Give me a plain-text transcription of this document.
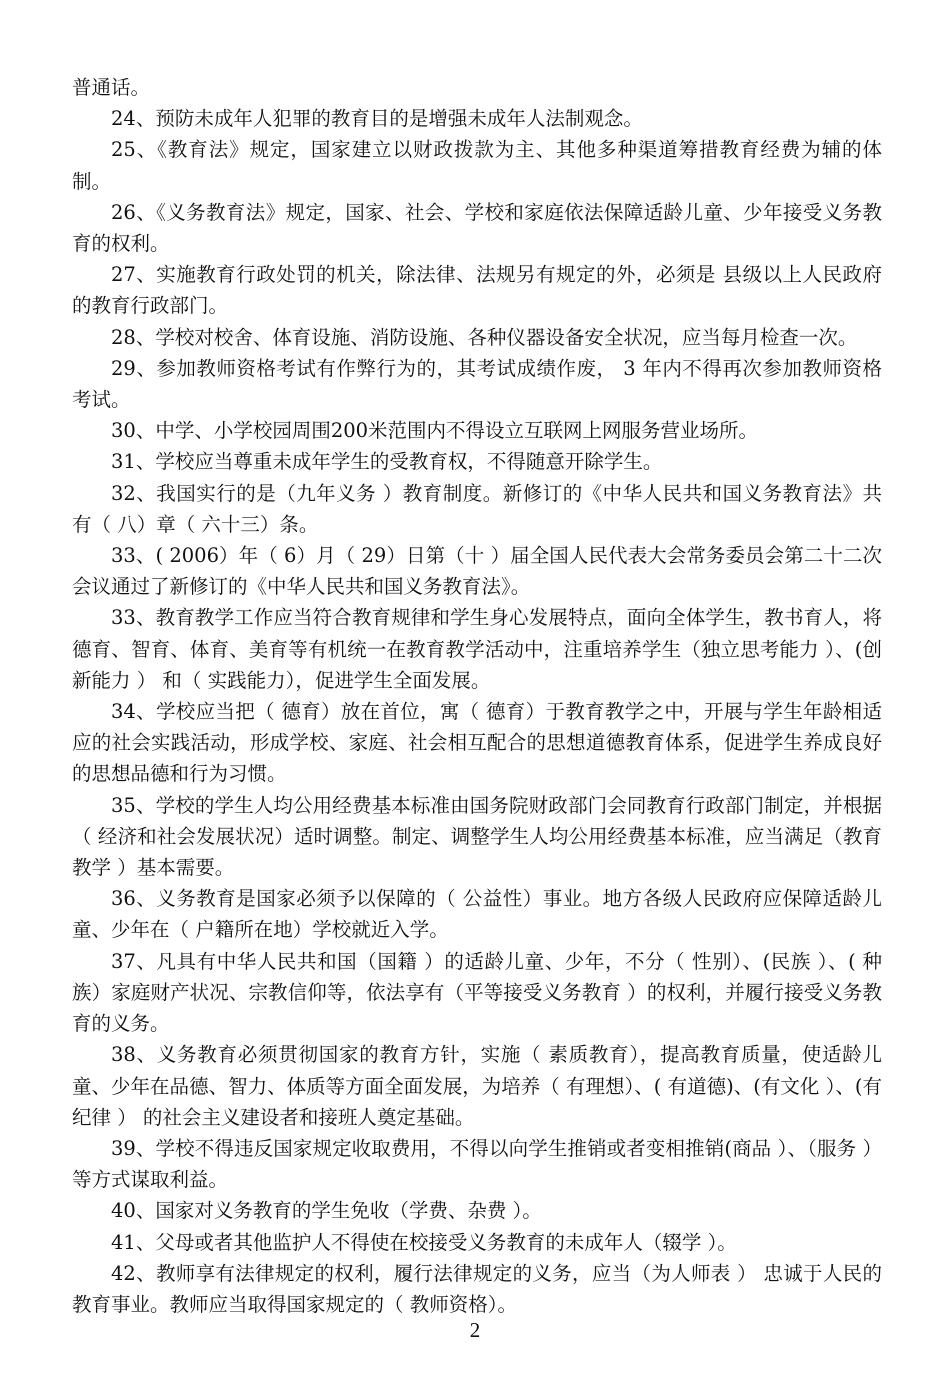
普通话。

24、预防未成年人犯罪的教育目的是增强未成年人法制观念。

25、《教育法》规定，国家建立以财政拨款为主、其他多种渠道筹措教育经费为辅的体制。

26、《义务教育法》规定，国家、社会、学校和家庭依法保障适龄儿童、少年接受义务教育的权利。

27、实施教育行政处罚的机关，除法律、法规另有规定的外，必须是 县级以上人民政府的教育行政部门。

28、学校对校舍、体育设施、消防设施、各种仪器设备安全状况，应当每月检查一次。

29、参加教师资格考试有作弊行为的，其考试成绩作废， 3 年内不得再次参加教师资格考试。

30、中学、小学校园周围200米范围内不得设立互联网上网服务营业场所。

31、学校应当尊重未成年学生的受教育权，不得随意开除学生。

32、我国实行的是（九年义务 ）教育制度。新修订的《中华人民共和国义务教育法》共有（ 八）章（ 六十三）条。

33、( 2006）年（ 6）月（ 29）日第（十 ）届全国人民代表大会常务委员会第二十二次会议通过了新修订的《中华人民共和国义务教育法》。

33、教育教学工作应当符合教育规律和学生身心发展特点，面向全体学生，教书育人，将德育、智育、体育、美育等有机统一在教育教学活动中，注重培养学生（独立思考能力 ）、(创新能力 ） 和（ 实践能力），促进学生全面发展。

34、学校应当把（ 德育）放在首位，寓（ 德育）于教育教学之中，开展与学生年龄相适应的社会实践活动，形成学校、家庭、社会相互配合的思想道德教育体系，促进学生养成良好的思想品德和行为习惯。

35、学校的学生人均公用经费基本标准由国务院财政部门会同教育行政部门制定，并根据（ 经济和社会发展状况）适时调整。制定、调整学生人均公用经费基本标准，应当满足（教育教学 ）基本需要。

36、义务教育是国家必须予以保障的（ 公益性）事业。地方各级人民政府应保障适龄儿童、少年在（ 户籍所在地）学校就近入学。

37、凡具有中华人民共和国（国籍 ）的适龄儿童、少年，不分（ 性别）、(民族 ）、( 种族）家庭财产状况、宗教信仰等，依法享有（平等接受义务教育 ）的权利，并履行接受义务教育的义务。

38、义务教育必须贯彻国家的教育方针，实施（ 素质教育），提高教育质量，使适龄儿童、少年在品德、智力、体质等方面全面发展，为培养（ 有理想）、( 有道德)、(有文化 ）、(有纪律 ） 的社会主义建设者和接班人奠定基础。

39、学校不得违反国家规定收取费用，不得以向学生推销或者变相推销(商品 ）、（服务 ）等方式谋取利益。

40、国家对义务教育的学生免收（学费、杂费 ）。

41、父母或者其他监护人不得使在校接受义务教育的未成年人（辍学 ）。

42、教师享有法律规定的权利，履行法律规定的义务，应当（为人师表 ） 忠诚于人民的教育事业。教师应当取得国家规定的（ 教师资格）。

2
